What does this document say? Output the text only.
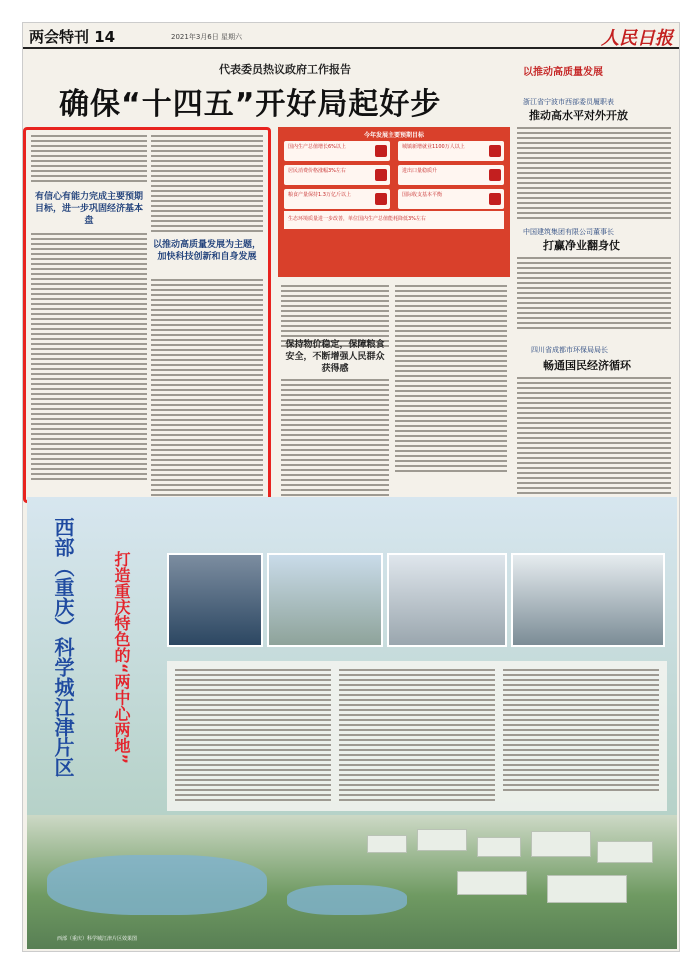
两会特刊 14	2021年3月6日 星期六	人民日报
代表委员热议政府工作报告
确保“十四五”开好局起好步
以推动高质量发展
有信心有能力完成主要预期目标，进一步巩固经济基本盘
以推动高质量发展为主题，加快科技创新和自身发展
今年发展主要预期目标
国内生产总值增长6%以上	城镇新增就业1100万人以上
居民消费价格涨幅3%左右	进出口量稳质升
粮食产量保持1.3万亿斤以上	国际收支基本平衡
生态环境质量进一步改善，单位国内生产总值能耗降低3%左右
保持物价稳定，保障粮食安全，不断增强人民群众获得感
浙江省宁波市西部委员履职表
推动高水平对外开放
中国建筑集团有限公司董事长
打赢净业翻身仗
四川省成都市环保局局长
畅通国民经济循环
西部（重庆）科学城江津片区	打造重庆特色的“两中心两地”
西部（重庆）科学城江津片区效果图
